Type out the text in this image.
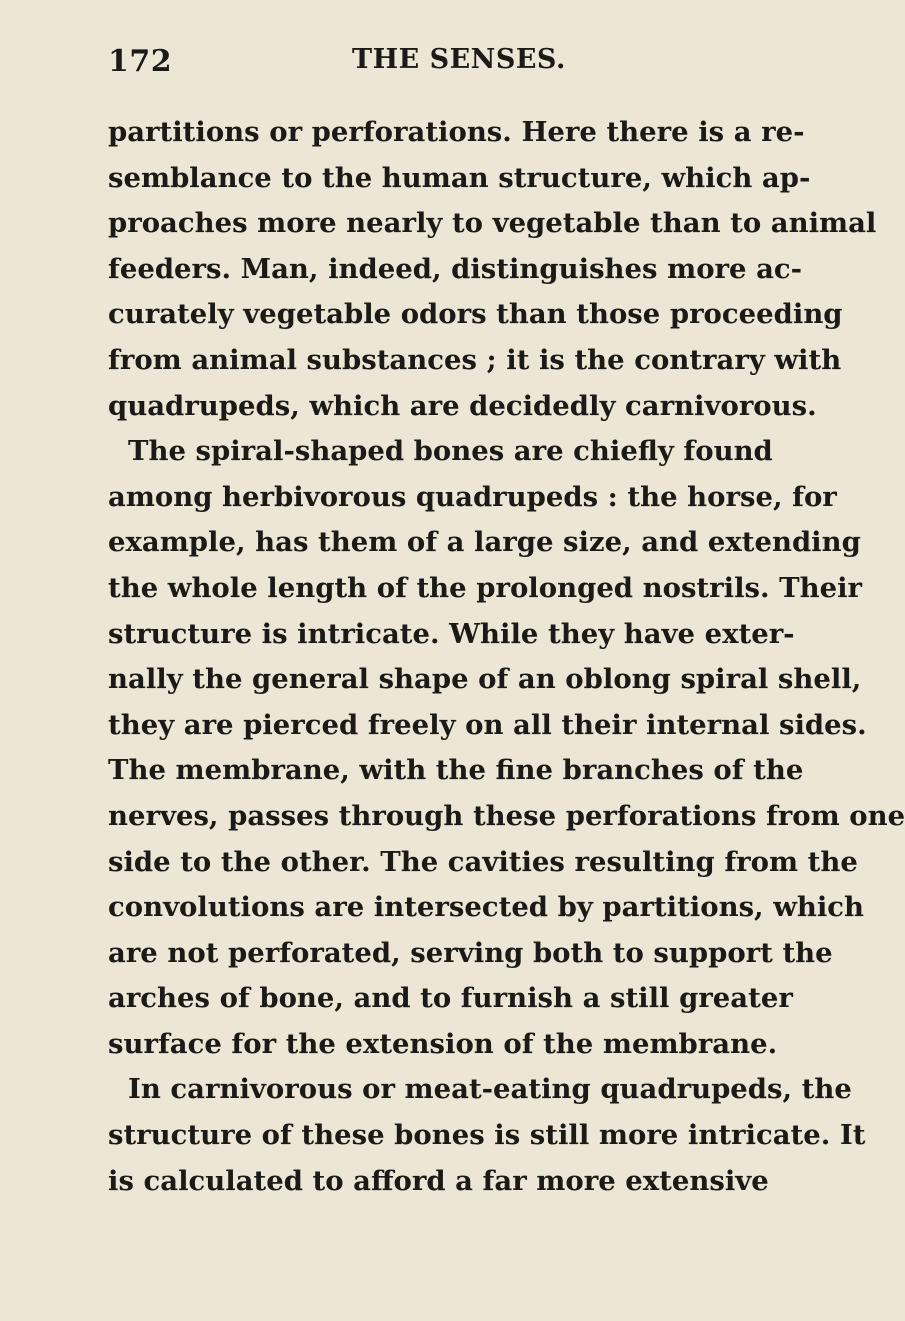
172	THE SENSES.
partitions or perforations. Here there is a re-
semblance to the human structure, which ap-
proaches more nearly to vegetable than to animal
feeders. Man, indeed, distinguishes more ac-
curately vegetable odors than those proceeding
from animal substances ; it is the contrary with
quadrupeds, which are decidedly carnivorous.
The spiral-shaped bones are chiefly found
among herbivorous quadrupeds : the horse, for
example, has them of a large size, and extending
the whole length of the prolonged nostrils. Their
structure is intricate. While they have exter-
nally the general shape of an oblong spiral shell,
they are pierced freely on all their internal sides.
The membrane, with the fine branches of the
nerves, passes through these perforations from one
side to the other. The cavities resulting from the
convolutions are intersected by partitions, which
are not perforated, serving both to support the
arches of bone, and to furnish a still greater
surface for the extension of the membrane.
In carnivorous or meat-eating quadrupeds, the
structure of these bones is still more intricate. It
is calculated to afford a far more extensive
